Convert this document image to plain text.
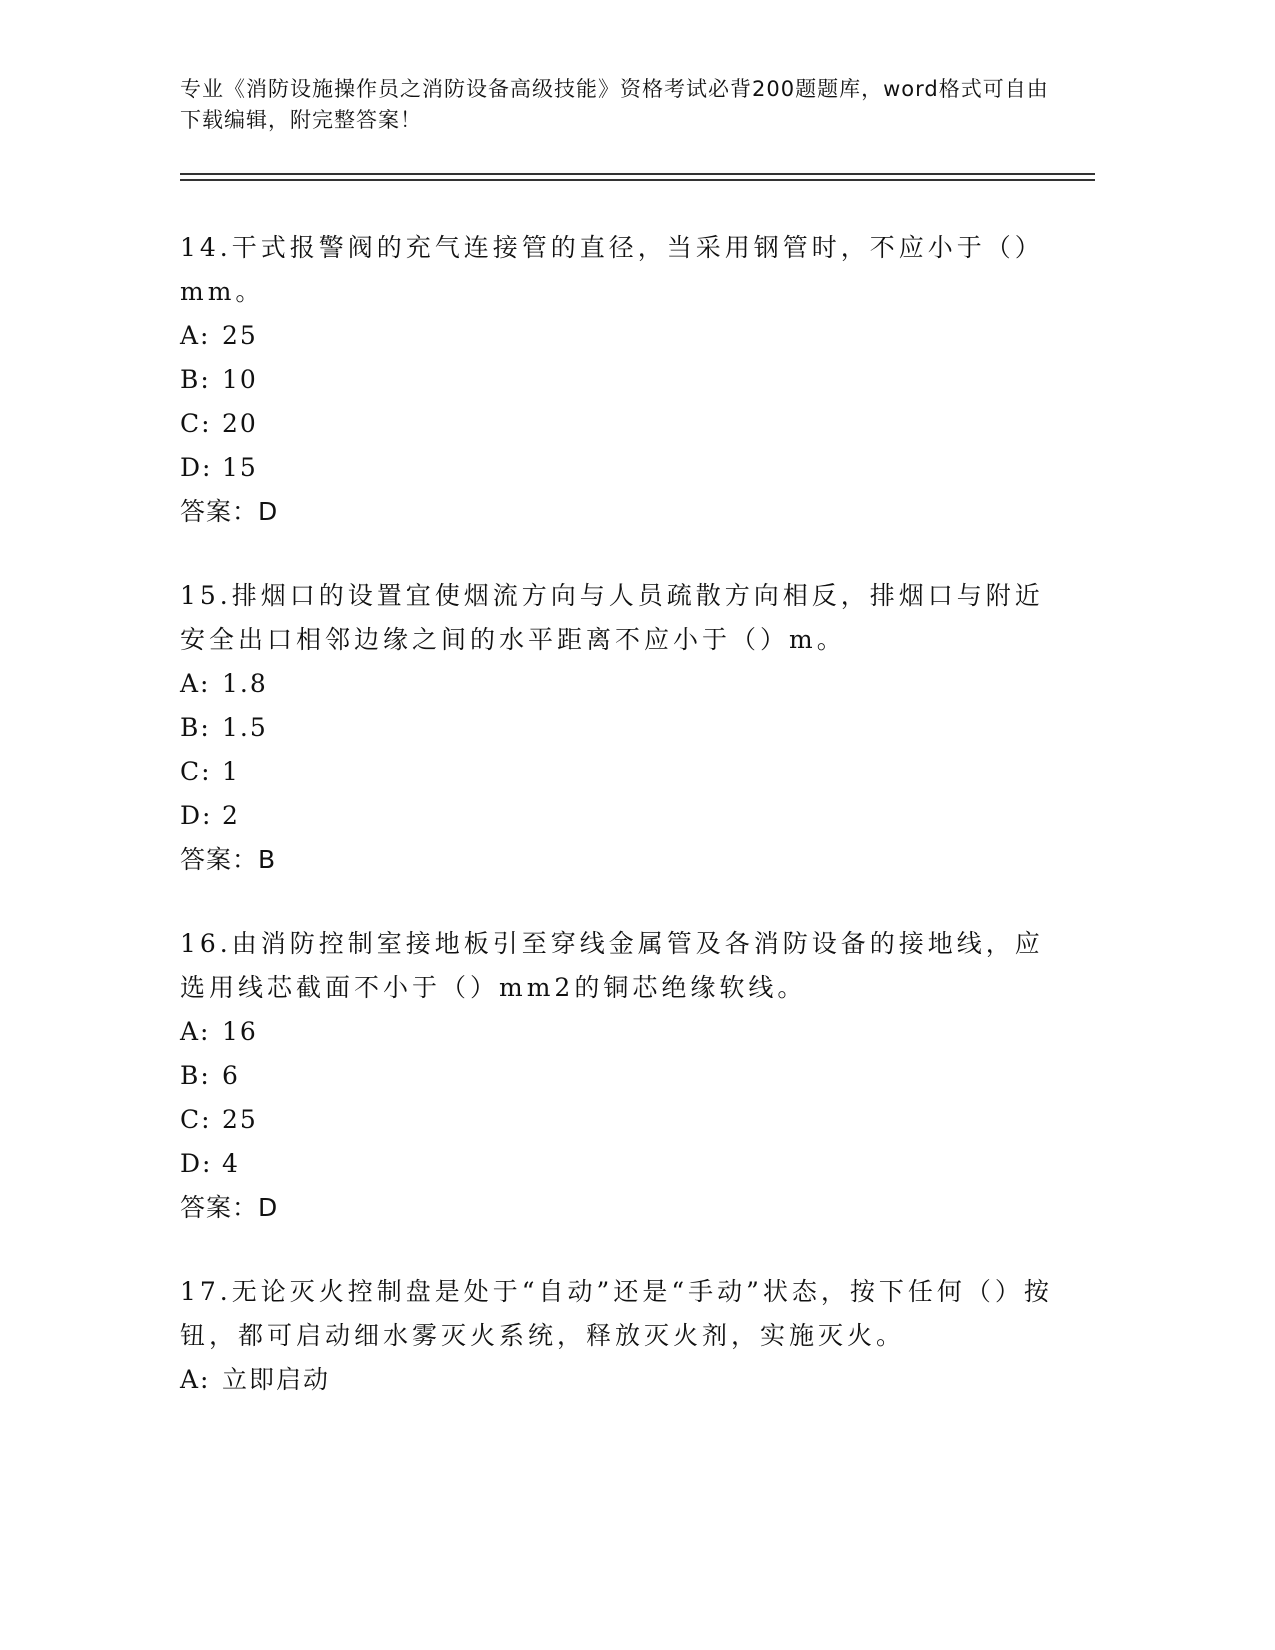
专业《消防设施操作员之消防设备高级技能》资格考试必背200题题库，word格式可自由下载编辑，附完整答案！

14.干式报警阀的充气连接管的直径，当采用钢管时，不应小于（）mm。

A: 25
B: 10
C: 20
D: 15
答案：D

15.排烟口的设置宜使烟流方向与人员疏散方向相反，排烟口与附近安全出口相邻边缘之间的水平距离不应小于（）m。

A: 1.8
B: 1.5
C: 1
D: 2
答案：B

16.由消防控制室接地板引至穿线金属管及各消防设备的接地线，应选用线芯截面不小于（）mm2的铜芯绝缘软线。

A: 16
B: 6
C: 25
D: 4
答案：D

17.无论灭火控制盘是处于“自动”还是“手动”状态，按下任何（）按钮，都可启动细水雾灭火系统，释放灭火剂，实施灭火。

A: 立即启动
